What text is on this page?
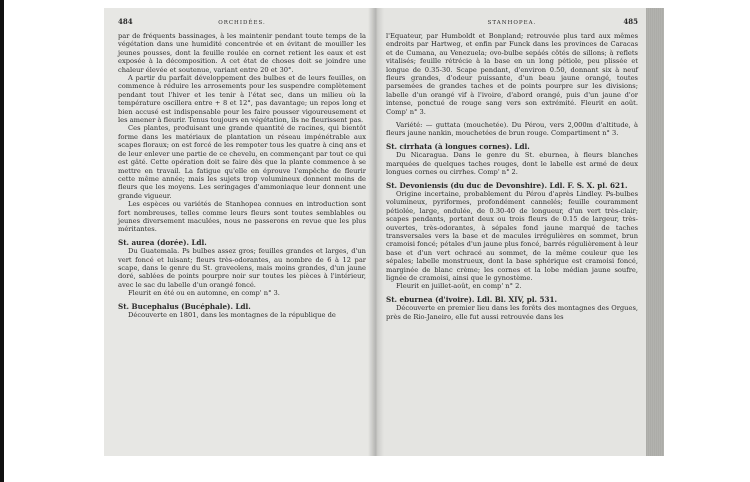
484	ORCHIDÉES.

par de fréquents bassinages, à les maintenir pendant toute temps de la végétation dans une humidité concentrée et en évitant de mouiller les jeunes pousses, dont la feuille roulée en cornet retient les eaux et est exposée à la décomposition. A cet état de choses doit se joindre une chaleur élevée et soutenue, variant entre 20 et 30°.

A partir du parfait développement des bulbes et de leurs feuilles, on commence à réduire les arrosements pour les suspendre complètement pendant tout l'hiver et les tenir à l'état sec, dans un milieu où la température oscillera entre + 8 et 12°, pas davantage; un repos long et bien accusé est indispensable pour les faire pousser vigoureusement et les amener à fleurir. Tenus toujours en végétation, ils ne fleurissent pas.

Ces plantes, produisant une grande quantité de racines, qui bientôt forme dans les matériaux de plantation un réseau impénétrable aux scapes floraux; on est forcé de les rempoter tous les quatre à cinq ans et de leur enlever une partie de ce chevelu, en commençant par tout ce qui est gâté. Cette opération doit se faire dès que la plante commence à se mettre en travail. La fatigue qu'elle en éprouve l'empêche de fleurir cette même année; mais les sujets trop volumineux donnent moins de fleurs que les moyens. Les seringages d'ammoniaque leur donnent une grande vigueur.

Les espèces ou variétés de Stanhopea connues en introduction sont fort nombreuses, telles comme leurs fleurs sont toutes semblables ou jeunes diversement maculées, nous ne passerons en revue que les plus méritantes.

St. aurea (dorée). Ldl.

Du Guatemala. Ps bulbes assez gros; feuilles grandes et larges, d'un vert foncé et luisant; fleurs très-odorantes, au nombre de 6 à 12 par scape, dans le genre du St. graveolens, mais moins grandes, d'un jaune doré, sablées de points pourpre noir sur toutes les pièces à l'intérieur, avec le sac du labelle d'un orangé foncé.

Fleurit en été ou en automne, en comp' n° 3.

St. Bucephalus (Bucéphale). Ldl.

Découverte en 1801, dans les montagnes de la république de

STANHOPEA.	485

l'Equateur, par Humboldt et Bonpland; retrouvée plus tard aux mêmes endroits par Hartweg, et enfin par Funck dans les provinces de Caracas et de Cumana, au Venezuela; ovo-bulbe sepáés côtés de sillons; à reflets vitalisés; feuille rétrécie à la base en un long pétiole, peu plissée et longue de 0.35-30. Scape pendant, d'environ 0.50, donnant six à neuf fleurs grandes, d'odeur puissante, d'un beau jaune orangé, toutes parsemées de grandes taches et de points pourpre sur les divisions; labelle d'un orangé vif à l'ivoire, d'abord orangé, puis d'un jaune d'or intense, ponctué de rouge sang vers son extrémité. Fleurit en août. Comp' n° 3.

Variété: — guttata (mouchetée). Du Pérou, vers 2,000m d'altitude, à fleurs jaune nankin, mouchetées de brun rouge. Compartiment n° 3.

St. cirrhata (à longues cornes). Ldl.

Du Nicaragua. Dans le genre du St. eburnea, à fleurs blanches marquées de quelques taches rouges, dont le labelle est armé de deux longues cornes ou cirrhes. Comp' n° 2.

St. Devoniensis (du duc de Devonshire). Ldl. F. S. X. pl. 621.

Origine incertaine, probablement du Pérou d'après Lindley. Ps-bulbes volumineux, pyriformes, profondément cannelés; feuille couramment pétiolée, large, ondulée, de 0.30-40 de longueur, d'un vert très-clair; scapes pendants, portant deux ou trois fleurs de 0.15 de largeur, très-ouvertes, très-odorantes, à sépales fond jaune marqué de taches transversales vers la base et de macules irrégulières en sommet, brun cramoisi foncé; pétales d'un jaune plus foncé, barrés régulièrement à leur base et d'un vert ochracé au sommet, de la même couleur que les sépales; labelle monstrueux, dont la base sphérique est cramoisi foncé, marginée de blanc crème; les cornes et la lobe médian jaune soufre, lignée de cramoisi, ainsi que le gynostème.

Fleurit en juillet-août, en comp' n° 2.

St. eburnea (d'ivoire). Ldl. Bl. XIV, pl. 531.

Découverte en premier lieu dans les forêts des montagnes des Orgues, près de Rio-Janeiro, elle fut aussi retrouvée dans les
